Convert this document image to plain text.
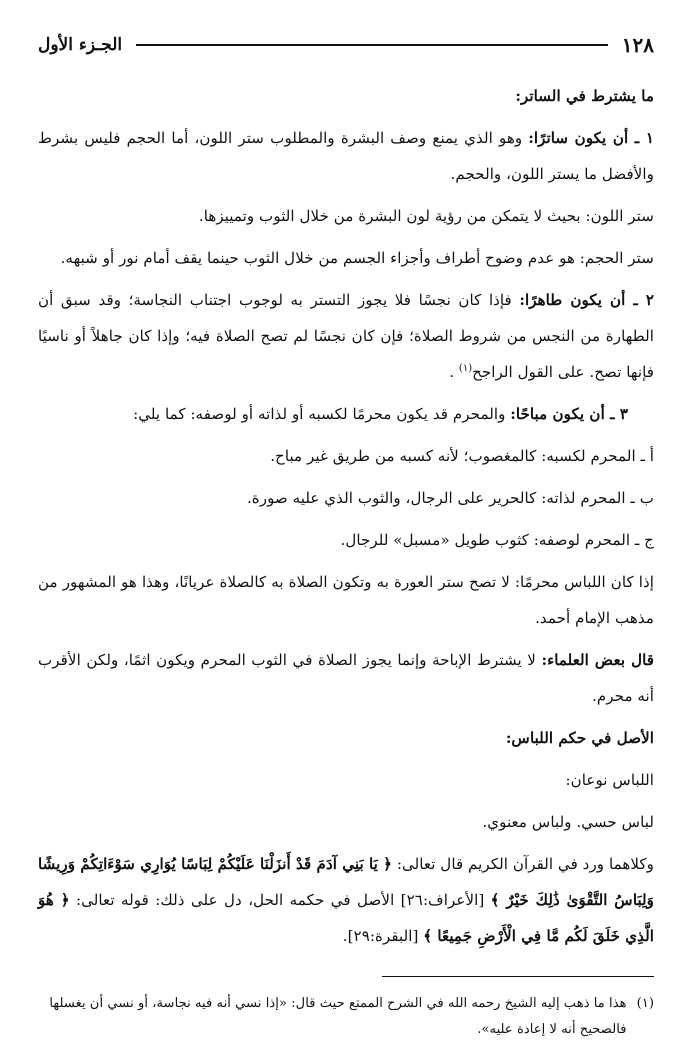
١٢٨
الجـزء الأول

ما يشترط في الساتر:

١ ـ أن يكون ساترًا: وهو الذي يمنع وصف البشرة والمطلوب ستر اللون، أما الحجم فليس بشرط والأفضل ما يستر اللون، والحجم.

ستر اللون: بحيث لا يتمكن من رؤية لون البشرة من خلال الثوب وتمييزها.

ستر الحجم: هو عدم وضوح أطراف وأجزاء الجسم من خلال الثوب حينما يقف أمام نور أو شبهه.

٢ ـ أن يكون طاهرًا: فإذا كان نجسًا فلا يجوز التستر به لوجوب اجتناب النجاسة؛ وقد سبق أن الطهارة من النجس من شروط الصلاة؛ فإن كان نجسًا لم تصح الصلاة فيه؛ وإذا كان جاهلاً أو ناسيًا فإنها تصح. على القول الراجح$^{(١)}$ .

٣ ـ أن يكون مباحًا: والمحرم قد يكون محرمًا لكسبه أو لذاته أو لوصفه: كما يلي:

أ ـ المحرم لكسبه: كالمغصوب؛ لأنه كسبه من طريق غير مباح.

ب ـ المحرم لذاته: كالحرير على الرجال، والثوب الذي عليه صورة.

ج ـ المحرم لوصفه: كثوب طويل «مسبل» للرجال.

إذا كان اللباس محرمًا: لا تصح ستر العورة به وتكون الصلاة به كالصلاة عريانًا، وهذا هو المشهور من مذهب الإمام أحمد.

قال بعض العلماء: لا يشترط الإباحة وإنما يجوز الصلاة في الثوب المحرم ويكون اثمًا، ولكن الأقرب أنه محرم.

الأصل في حكم اللباس:

اللباس نوعان:

لباس حسي. ولباس معنوي.

وكلاهما ورد في القرآن الكريم قال تعالى: ﴿ يَا بَنِي آدَمَ قَدْ أَنزَلْنَا عَلَيْكُمْ لِبَاسًا يُوَارِي سَوْءَاتِكُمْ وَرِيشًا وَلِبَاسُ التَّقْوَىٰ ذَٰلِكَ خَيْرٌ ﴾ [الأعراف:٢٦] الأصل في حكمه الحل، دل على ذلك: قوله تعالى: ﴿ هُوَ الَّذِي خَلَقَ لَكُم مَّا فِي الْأَرْضِ جَمِيعًا ﴾ [البقرة:٢٩].

(١)
هذا ما ذهب إليه الشيخ رحمه الله في الشرح الممتع حيث قال: «إذا نسي أنه فيه نجاسة، أو نسي أن يغسلها فالصحيح أنه لا إعادة عليه».
